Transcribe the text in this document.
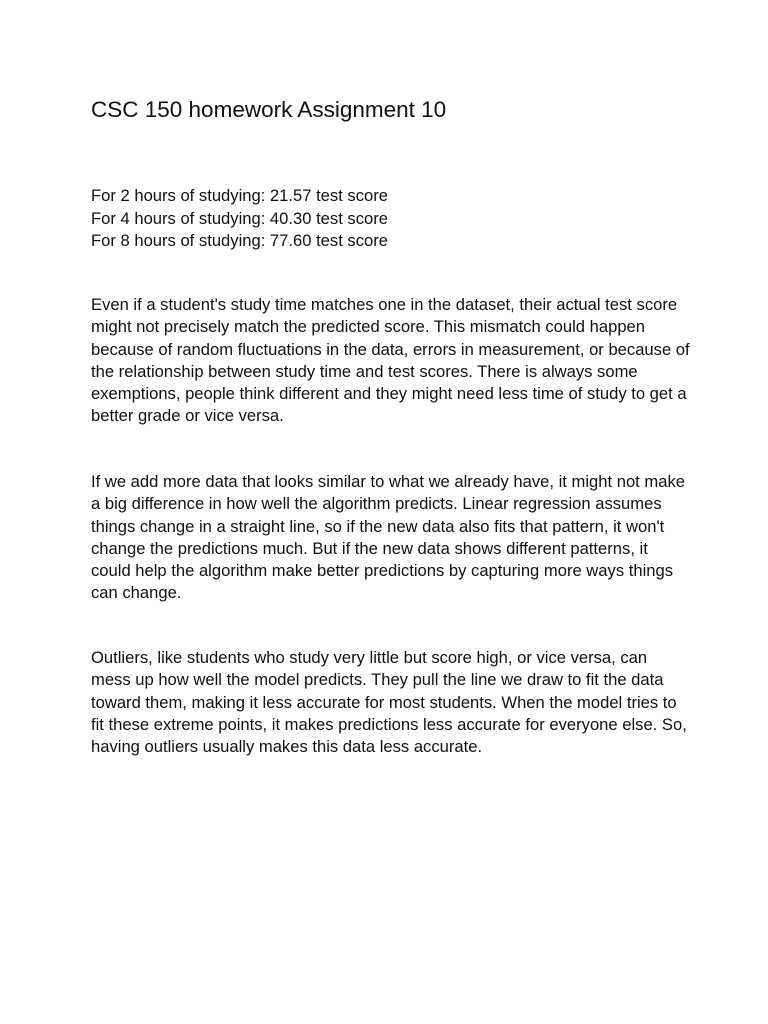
CSC 150 homework Assignment 10
For 2 hours of studying: 21.57 test score
For 4 hours of studying: 40.30 test score
For 8 hours of studying: 77.60 test score

Even if a student's study time matches one in the dataset, their actual test score might not precisely match the predicted score. This mismatch could happen because of random fluctuations in the data, errors in measurement, or because of the relationship between study time and test scores. There is always some exemptions, people think different and they might need less time of study to get a better grade or vice versa.

If we add more data that looks similar to what we already have, it might not make a big difference in how well the algorithm predicts. Linear regression assumes things change in a straight line, so if the new data also fits that pattern, it won't change the predictions much. But if the new data shows different patterns, it could help the algorithm make better predictions by capturing more ways things can change.

Outliers, like students who study very little but score high, or vice versa, can mess up how well the model predicts. They pull the line we draw to fit the data toward them, making it less accurate for most students. When the model tries to fit these extreme points, it makes predictions less accurate for everyone else. So, having outliers usually makes this data less accurate.
